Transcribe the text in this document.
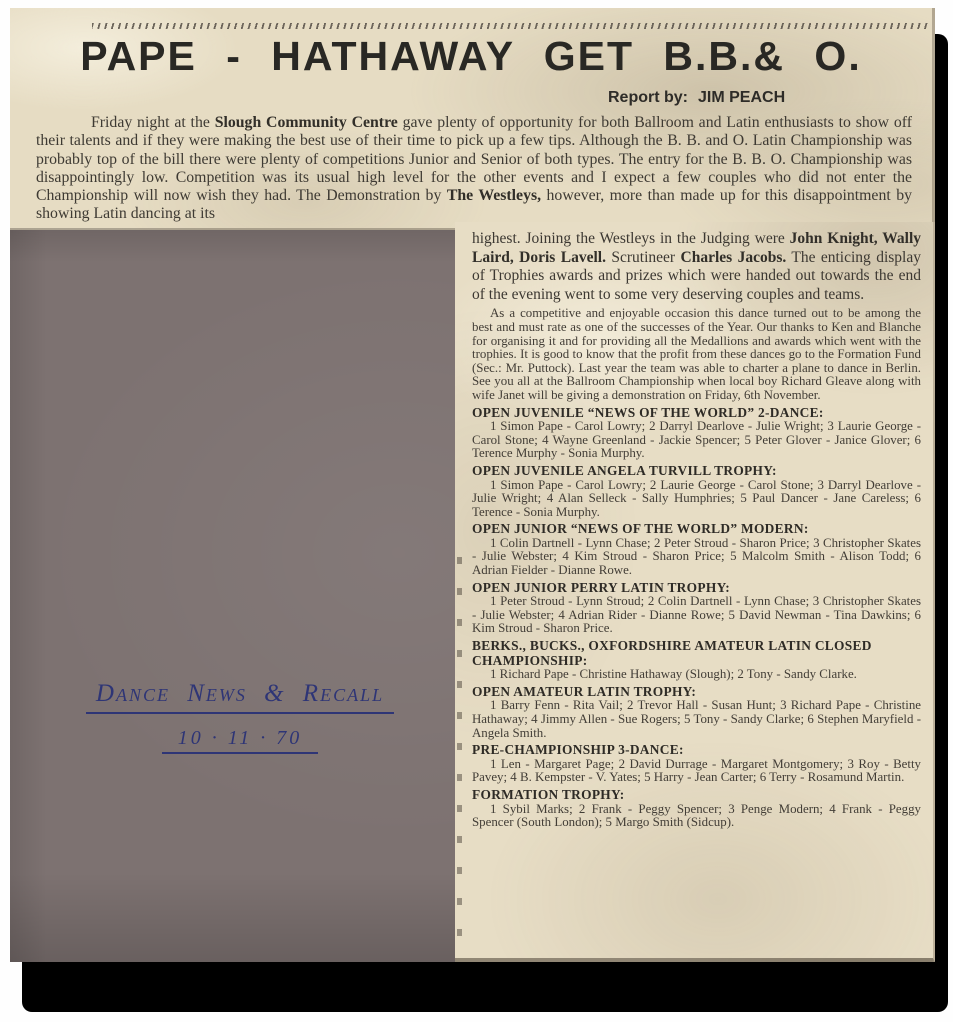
Dance News & Recall
10 · 11 · 70
PAPE - HATHAWAY GET B.B.& O.
Report by: JIM PEACH

Friday night at the Slough Community Centre gave plenty of opportunity for both Ballroom and Latin enthusiasts to show off their talents and if they were making the best use of their time to pick up a few tips. Although the B. B. and O. Latin Championship was probably top of the bill there were plenty of competitions Junior and Senior of both types. The entry for the B. B. O. Championship was disappointingly low. Competition was its usual high level for the other events and I expect a few couples who did not enter the Championship will now wish they had. The Demonstration by The Westleys, however, more than made up for this disappointment by showing Latin dancing at its

highest. Joining the Westleys in the Judging were John Knight, Wally Laird, Doris Lavell. Scrutineer Charles Jacobs. The enticing display of Trophies awards and prizes which were handed out towards the end of the evening went to some very deserving couples and teams.

As a competitive and enjoyable occasion this dance turned out to be among the best and must rate as one of the successes of the Year. Our thanks to Ken and Blanche for organising it and for providing all the Medallions and awards which went with the trophies. It is good to know that the profit from these dances go to the Formation Fund (Sec.: Mr. Puttock). Last year the team was able to charter a plane to dance in Berlin. See you all at the Ballroom Championship when local boy Richard Gleave along with wife Janet will be giving a demonstration on Friday, 6th November.

OPEN JUVENILE “NEWS OF THE WORLD” 2-DANCE:
1 Simon Pape - Carol Lowry; 2 Darryl Dearlove - Julie Wright; 3 Laurie George - Carol Stone; 4 Wayne Greenland - Jackie Spencer; 5 Peter Glover - Janice Glover; 6 Terence Murphy - Sonia Murphy.
OPEN JUVENILE ANGELA TURVILL TROPHY:
1 Simon Pape - Carol Lowry; 2 Laurie George - Carol Stone; 3 Darryl Dearlove - Julie Wright; 4 Alan Selleck - Sally Humphries; 5 Paul Dancer - Jane Careless; 6 Terence - Sonia Murphy.
OPEN JUNIOR “NEWS OF THE WORLD” MODERN:
1 Colin Dartnell - Lynn Chase; 2 Peter Stroud - Sharon Price; 3 Christopher Skates - Julie Webster; 4 Kim Stroud - Sharon Price; 5 Malcolm Smith - Alison Todd; 6 Adrian Fielder - Dianne Rowe.
OPEN JUNIOR PERRY LATIN TROPHY:
1 Peter Stroud - Lynn Stroud; 2 Colin Dartnell - Lynn Chase; 3 Christopher Skates - Julie Webster; 4 Adrian Rider - Dianne Rowe; 5 David Newman - Tina Dawkins; 6 Kim Stroud - Sharon Price.
BERKS., BUCKS., OXFORDSHIRE AMATEUR LATIN CLOSED CHAMPIONSHIP:
1 Richard Pape - Christine Hathaway (Slough); 2 Tony - Sandy Clarke.
OPEN AMATEUR LATIN TROPHY:
1 Barry Fenn - Rita Vail; 2 Trevor Hall - Susan Hunt; 3 Richard Pape - Christine Hathaway; 4 Jimmy Allen - Sue Rogers; 5 Tony - Sandy Clarke; 6 Stephen Maryfield - Angela Smith.
PRE-CHAMPIONSHIP 3-DANCE:
1 Len - Margaret Page; 2 David Durrage - Margaret Montgomery; 3 Roy - Betty Pavey; 4 B. Kempster - V. Yates; 5 Harry - Jean Carter; 6 Terry - Rosamund Martin.
FORMATION TROPHY:
1 Sybil Marks; 2 Frank - Peggy Spencer; 3 Penge Modern; 4 Frank - Peggy Spencer (South London); 5 Margo Smith (Sidcup).
